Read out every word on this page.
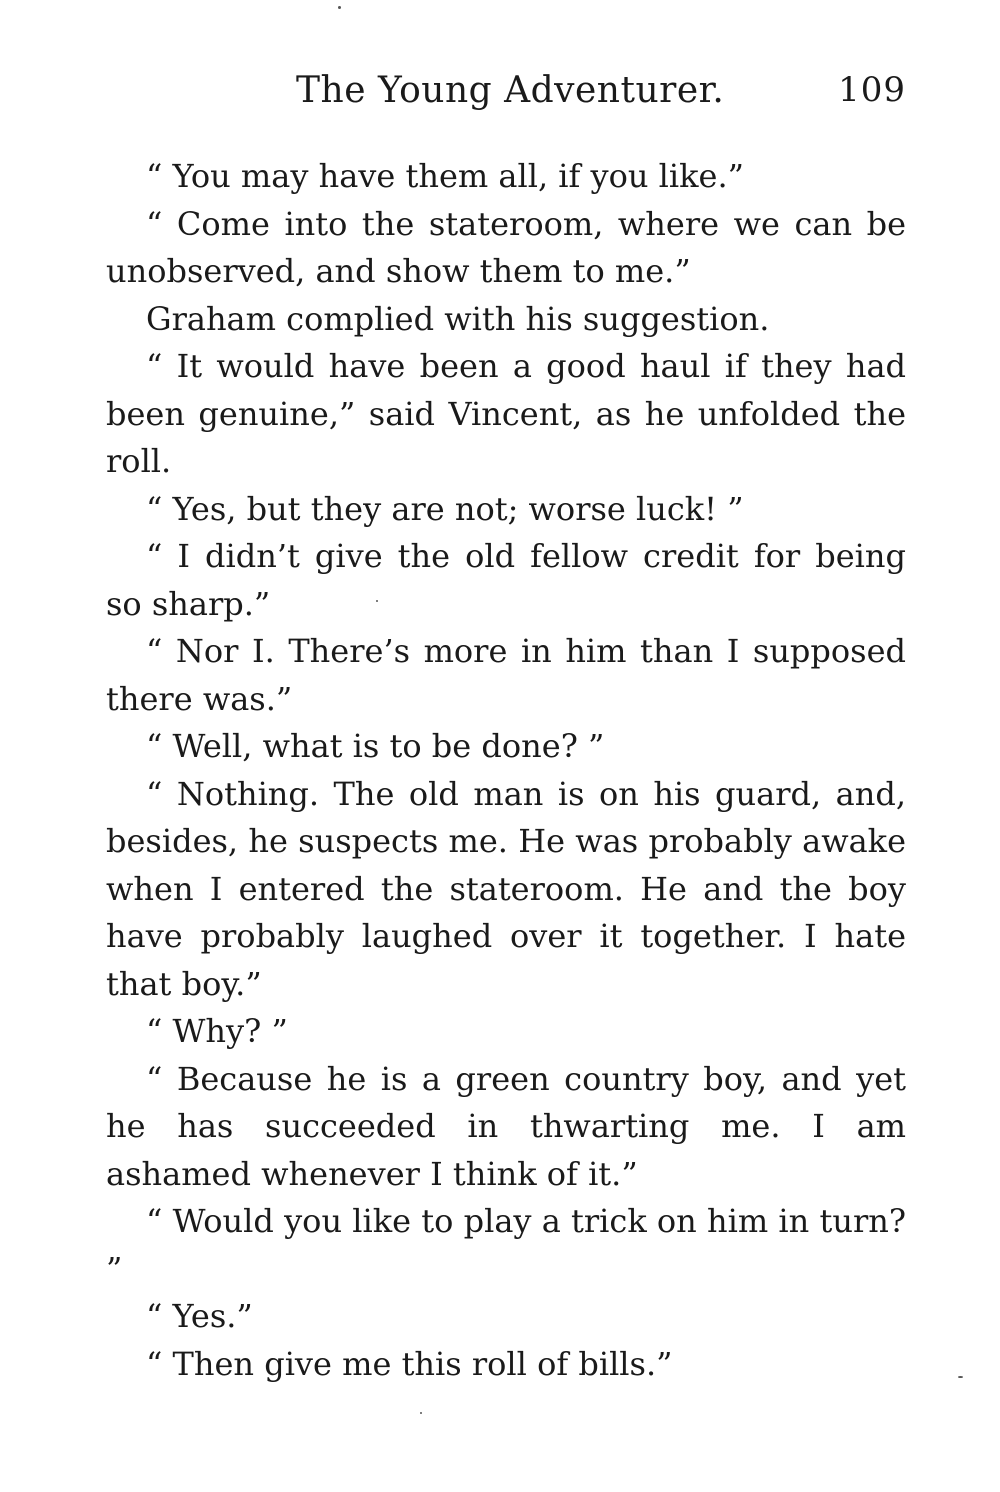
The Young Adventurer.	109

“ You may have them all, if you like.”

“ Come into the stateroom, where we can be unobserved, and show them to me.”

Graham complied with his suggestion.

“ It would have been a good haul if they had been genuine,” said Vincent, as he unfolded the roll.

“ Yes, but they are not; worse luck! ”

“ I didn’t give the old fellow credit for being so sharp.”

“ Nor I. There’s more in him than I supposed there was.”

“ Well, what is to be done? ”

“ Nothing. The old man is on his guard, and, besides, he suspects me. He was probably awake when I entered the stateroom. He and the boy have probably laughed over it together. I hate that boy.”

“ Why? ”

“ Because he is a green country boy, and yet he has succeeded in thwarting me. I am ashamed whenever I think of it.”

“ Would you like to play a trick on him in turn? ”

“ Yes.”

“ Then give me this roll of bills.”
